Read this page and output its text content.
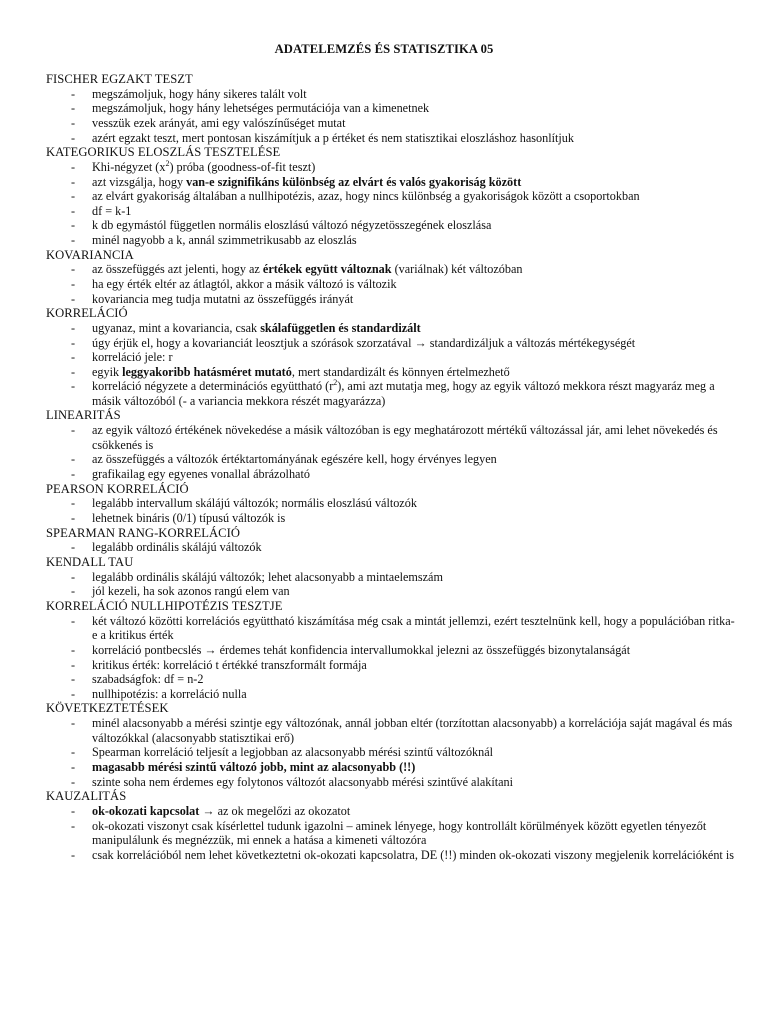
ADATELEMZÉS ÉS STATISZTIKA 05
FISCHER EGZAKT TESZT
- megszámoljuk, hogy hány sikeres talált volt
- megszámoljuk, hogy hány lehetséges permutációja van a kimenetnek
- vesszük ezek arányát, ami egy valószínűséget mutat
- azért egzakt teszt, mert pontosan kiszámítjuk a p értéket és nem statisztikai eloszláshoz hasonlítjuk
KATEGORIKUS ELOSZLÁS TESZTELÉSE
- Khi-négyzet $(x^2)$ próba (goodness-of-fit teszt)
- azt vizsgálja, hogy van-e szignifikáns különbség az elvárt és valós gyakoriság között
- az elvárt gyakoriság általában a nullhipotézis, azaz, hogy nincs különbség a gyakoriságok között a csoportokban
- df = k-1
- k db egymástól független normális eloszlású változó négyzetösszegének eloszlása
- minél nagyobb a k, annál szimmetrikusabb az eloszlás
KOVARIANCIA
- az összefüggés azt jelenti, hogy az értékek együtt változnak (variálnak) két változóban
- ha egy érték eltér az átlagtól, akkor a másik változó is változik
- kovariancia meg tudja mutatni az összefüggés irányát
KORRELÁCIÓ
- ugyanaz, mint a kovariancia, csak skálafüggetlen és standardizált
- úgy érjük el, hogy a kovarianciát leosztjuk a szórások szorzatával → standardizáljuk a változás mértékegységét
- korreláció jele: r
- egyik leggyakoribb hatásméret mutató, mert standardizált és könnyen értelmezhető
- korreláció négyzete a determinációs együttható $(r^2)$, ami azt mutatja meg, hogy az egyik változó mekkora részt magyaráz meg a másik változóból (- a variancia mekkora részét magyarázza)
LINEARITÁS
- az egyik változó értékének növekedése a másik változóban is egy meghatározott mértékű változással jár, ami lehet növekedés és csökkenés is
- az összefüggés a változók értéktartományának egészére kell, hogy érvényes legyen
- grafikailag egy egyenes vonallal ábrázolható
PEARSON KORRELÁCIÓ
- legalább intervallum skálájú változók; normális eloszlású változók
- lehetnek bináris (0/1) típusú változók is
SPEARMAN RANG-KORRELÁCIÓ
- legalább ordinális skálájú változók
KENDALL TAU
- legalább ordinális skálájú változók; lehet alacsonyabb a mintaelemszám
- jól kezeli, ha sok azonos rangú elem van
KORRELÁCIÓ NULLHIPOTÉZIS TESZTJE
- két változó közötti korrelációs együttható kiszámítása még csak a mintát jellemzi, ezért tesztelnünk kell, hogy a populációban ritka-e a kritikus érték
- korreláció pontbecslés → érdemes tehát konfidencia intervallumokkal jelezni az összefüggés bizonytalanságát
- kritikus érték: korreláció t értékké transzformált formája
- szabadságfok: df = n-2
- nullhipotézis: a korreláció nulla
KÖVETKEZTETÉSEK
- minél alacsonyabb a mérési szintje egy változónak, annál jobban eltér (torzítottan alacsonyabb) a korrelációja saját magával és más változókkal (alacsonyabb statisztikai erő)
- Spearman korreláció teljesít a legjobban az alacsonyabb mérési szintű változóknál
- magasabb mérési szintű változó jobb, mint az alacsonyabb (!!)
- szinte soha nem érdemes egy folytonos változót alacsonyabb mérési szintűvé alakítani
KAUZALITÁS
- ok-okozati kapcsolat → az ok megelőzi az okozatot
- ok-okozati viszonyt csak kísérlettel tudunk igazolni – aminek lényege, hogy kontrollált körülmények között egyetlen tényezőt manipulálunk és megnézzük, mi ennek a hatása a kimeneti változóra
- csak korrelációból nem lehet következtetni ok-okozati kapcsolatra, DE (!!) minden ok-okozati viszony megjelenik korrelációként is
